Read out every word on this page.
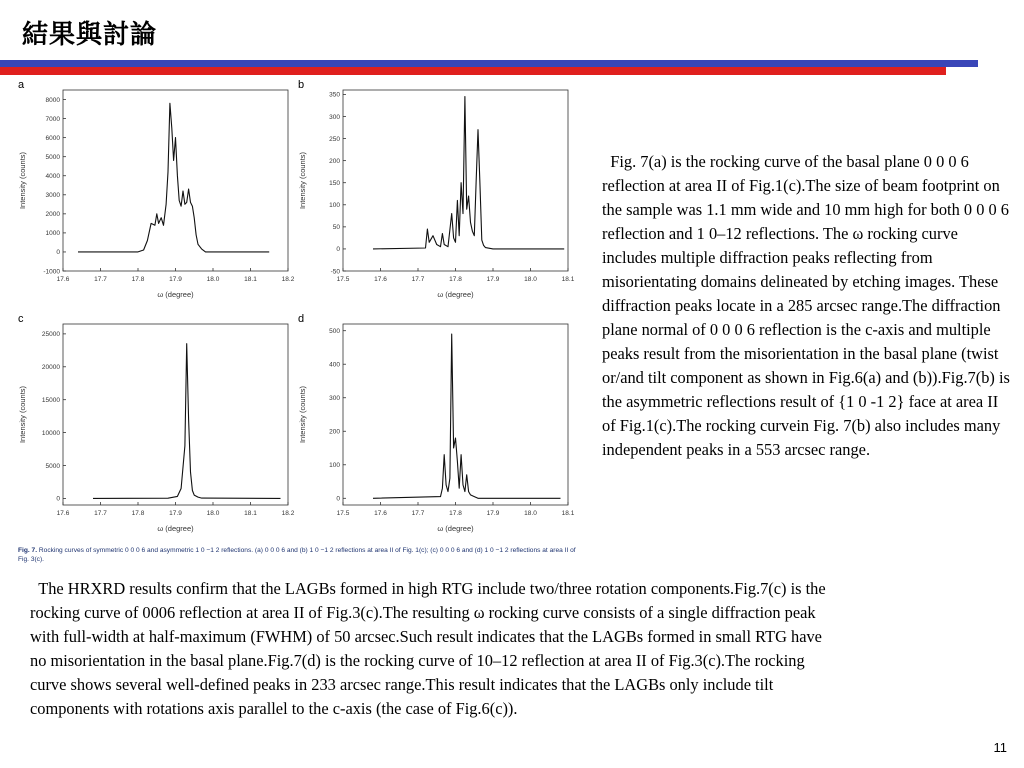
結果與討論
a
17.6	17.7	17.8	17.9	18.0	18.1	18.2
-1000
0
1000
2000
3000
4000
5000
6000
7000
8000
ω (degree)
Intensity (counts)
b
17.5	17.6	17.7	17.8	17.9	18.0	18.1
-50
0
50
100
150
200
250
300
350
ω (degree)
Intensity (counts)
c
17.6	17.7	17.8	17.9	18.0	18.1	18.2
0
5000
10000
15000
20000
25000
ω (degree)
Intensity (counts)
d
17.5	17.6	17.7	17.8	17.9	18.0	18.1
0
100
200
300
400
500
ω (degree)
Intensity (counts)
Fig. 7. Rocking curves of symmetric 0 0 0 6 and asymmetric 1 0 −1 2 reflections. (a) 0 0 0 6 and (b) 1 0 −1 2 reflections at area II of Fig. 1(c); (c) 0 0 0 6 and (d) 1 0 −1 2 reflections at area II of Fig. 3(c).
Fig. 7(a) is the rocking curve of the basal plane 0 0 0 6 reflection at area II of Fig.1(c).The size of beam footprint on the sample was 1.1 mm wide and 10 mm high for both 0 0 0 6 reflection and 1 0–12 reflections. The ω rocking curve includes multiple diffraction peaks reflecting from misorientating domains delineated by etching images. These diffraction peaks locate in a 285 arcsec range.The diffraction plane normal of 0 0 0 6 reflection is the c-axis and multiple peaks result from the misorientation in the basal plane (twist or/and tilt component as shown in Fig.6(a) and (b)).Fig.7(b) is the asymmetric reflections result of {1 0 -1 2} face at area II of Fig.1(c).The rocking curvein Fig. 7(b) also includes many independent peaks in a 553 arcsec range.
The HRXRD results confirm that the LAGBs formed in high RTG include two/three rotation components.Fig.7(c) is the rocking curve of 0006 reflection at area II of Fig.3(c).The resulting ω rocking curve consists of a single diffraction peak with full-width at half-maximum (FWHM) of 50 arcsec.Such result indicates that the LAGBs formed in small RTG have no misorientation in the basal plane.Fig.7(d) is the rocking curve of 10–12 reflection at area II of Fig.3(c).The rocking curve shows several well-defined peaks in 233 arcsec range.This result indicates that the LAGBs only include tilt components with rotations axis parallel to the c-axis (the case of Fig.6(c)).
11
